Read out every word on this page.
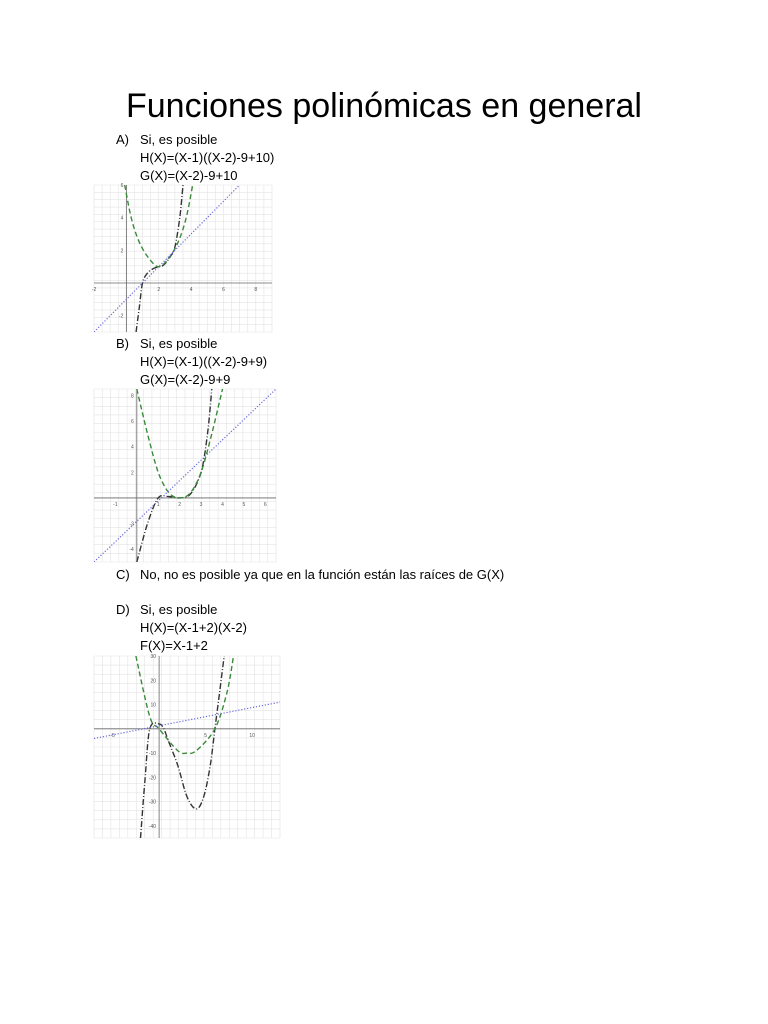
Funciones polinómicas en general
A) Si, es posible
H(X)=(X-1)((X-2)-9+10)
G(X)=(X-2)-9+10
-2	2	4	6	8
-2
2
4
6
B) Si, es posible
H(X)=(X-1)((X-2)-9+9)
G(X)=(X-2)-9+9
-1	1	2	3	4	5	6
-4
-2
2
4
6
8
C) No, no es posible ya que en la función están las raíces de G(X)
D) Si, es posible
H(X)=(X-1+2)(X-2)
F(X)=X-1+2
-5	5	10
-40
-30
-20
-10
10
20
30
